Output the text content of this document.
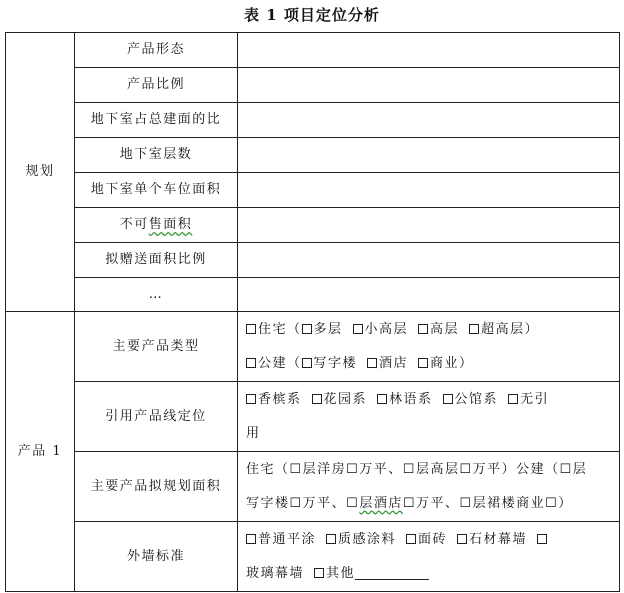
表 1 项目定位分析
规划	产品形态	
	产品比例	
	地下室占总建面的比	
	地下室层数	
	地下室单个车位面积	
	不可售面积	
	拟赠送面积比例	
	…	
产品 1	主要产品类型	住宅（ 多层 小高层 高层 超高层）
公建（ 写字楼 酒店 商业）

	引用产品线定位	香槟系 花园系 林语系 公馆系 无引
用

	主要产品拟规划面积	住宅（☐层洋房☐万平、☐层高层☐万平）公建（☐层
写字楼☐万平、☐层酒店☐万平、☐层裙楼商业☐）

	外墙标准	普通平涂 质感涂料 面砖 石材幕墙
玻璃幕墙 其他
